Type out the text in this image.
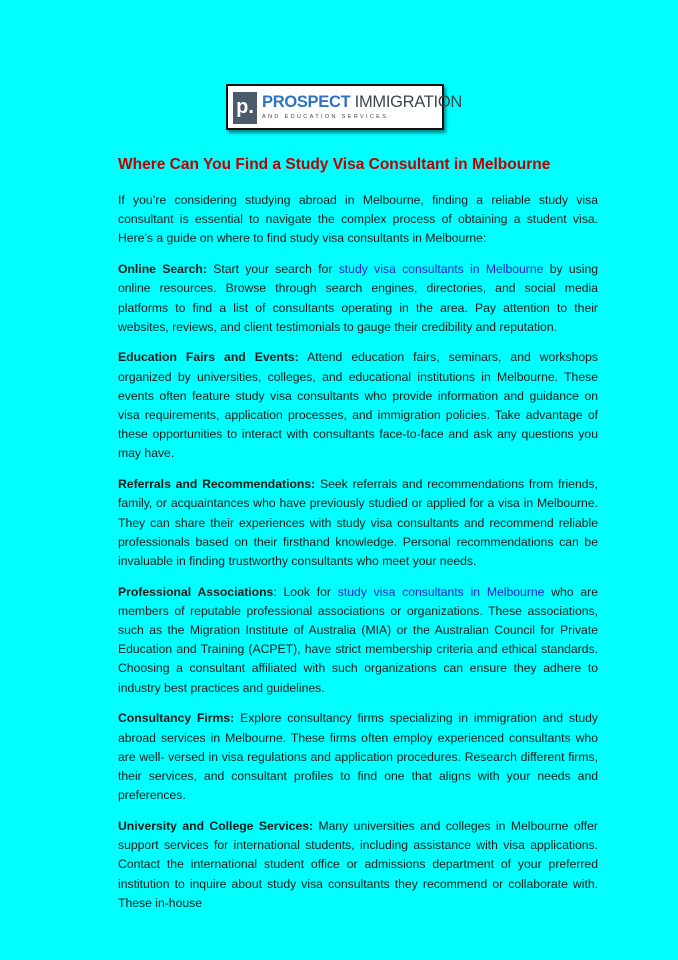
p. PROSPECT IMMIGRATION
AND EDUCATION SERVICES
Where Can You Find a Study Visa Consultant in Melbourne

If you’re considering studying abroad in Melbourne, finding a reliable study visa consultant is essential to navigate the complex process of obtaining a student visa. Here’s a guide on where to find study visa consultants in Melbourne:

Online Search: Start your search for study visa consultants in Melbourne by using online resources. Browse through search engines, directories, and social media platforms to find a list of consultants operating in the area. Pay attention to their websites, reviews, and client testimonials to gauge their credibility and reputation.

Education Fairs and Events: Attend education fairs, seminars, and workshops organized by universities, colleges, and educational institutions in Melbourne. These events often feature study visa consultants who provide information and guidance on visa requirements, application processes, and immigration policies. Take advantage of these opportunities to interact with consultants face-to-face and ask any questions you may have.

Referrals and Recommendations: Seek referrals and recommendations from friends, family, or acquaintances who have previously studied or applied for a visa in Melbourne. They can share their experiences with study visa consultants and recommend reliable professionals based on their firsthand knowledge. Personal recommendations can be invaluable in finding trustworthy consultants who meet your needs.

Professional Associations: Look for study visa consultants in Melbourne who are members of reputable professional associations or organizations. These associations, such as the Migration Institute of Australia (MIA) or the Australian Council for Private Education and Training (ACPET), have strict membership criteria and ethical standards. Choosing a consultant affiliated with such organizations can ensure they adhere to industry best practices and guidelines.

Consultancy Firms: Explore consultancy firms specializing in immigration and study abroad services in Melbourne. These firms often employ experienced consultants who are well- versed in visa regulations and application procedures. Research different firms, their services, and consultant profiles to find one that aligns with your needs and preferences.

University and College Services: Many universities and colleges in Melbourne offer support services for international students, including assistance with visa applications. Contact the international student office or admissions department of your preferred institution to inquire about study visa consultants they recommend or collaborate with. These in-house
